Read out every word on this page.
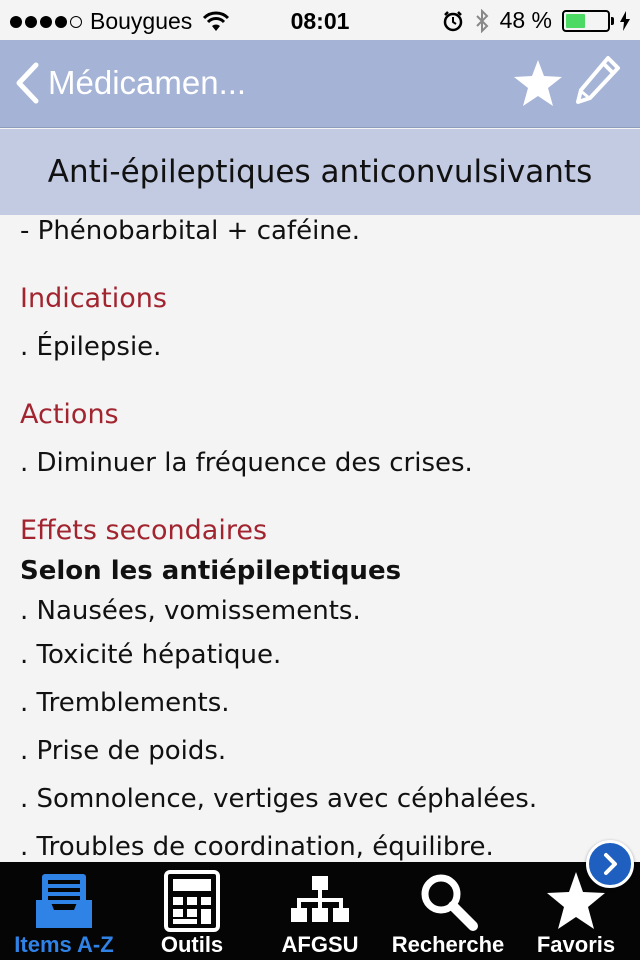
Bouygues	08:01	48 %
Médicamen...
Anti-épileptiques anticonvulsivants
- Phénobarbital + caféine.
Indications
. Épilepsie.
Actions
. Diminuer la fréquence des crises.
Effets secondaires
Selon les antiépileptiques
. Nausées, vomissements.
. Toxicité hépatique.
. Tremblements.
. Prise de poids.
. Somnolence, vertiges avec céphalées.
. Troubles de coordination, équilibre.
Items A-Z	Outils	AFGSU	Recherche	Favoris
